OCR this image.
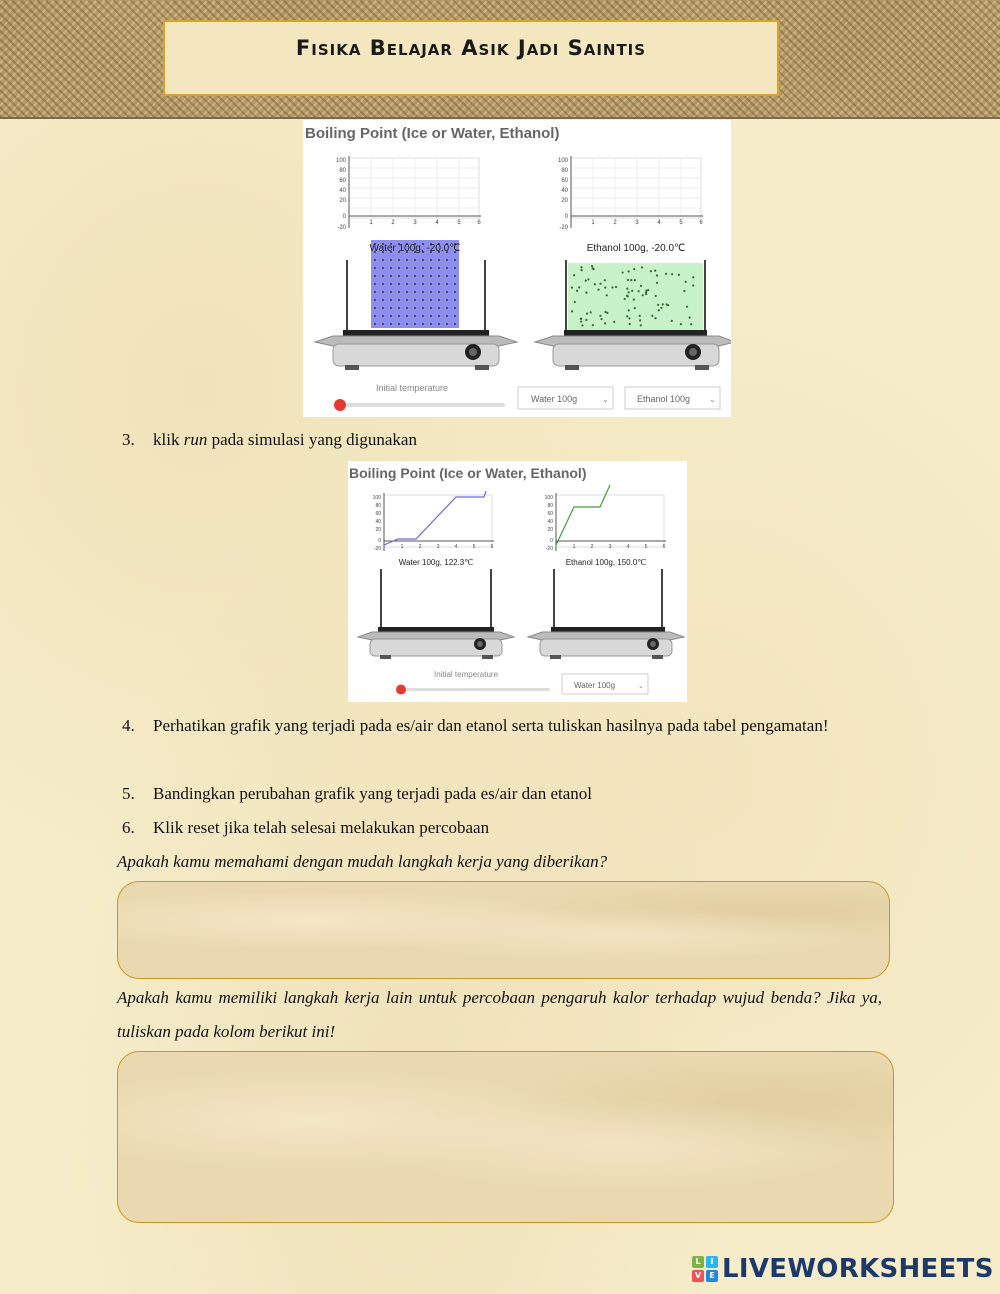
Fisika Belajar Asik Jadi Saintis
Boiling Point (Ice or Water, Ethanol)
100
80
60
40
20
0
-20
1	2	3	4	5	6
100
80
60
40
20
0
-20
1	2	3	4	5	6
Water 100g, -20.0℃	Ethanol 100g, -20.0℃
Initial temperature
Water 100g	⌄	Ethanol 100g ⌄
3. klik run pada simulasi yang digunakan
Boiling Point (Ice or Water, Ethanol)
100
80
60
40
20
0
-20	1	2	3	4	5	6
100
80
60
40
20
0
-20	1	2	3	4	5	6
Water 100g, 122.3℃	Ethanol 100g, 150.0℃
Initial temperature
Water 100g	⌄
4. Perhatikan grafik yang terjadi pada es/air dan etanol serta tuliskan hasilnya pada tabel pengamatan!
5. Bandingkan perubahan grafik yang terjadi pada es/air dan etanol
6. Klik reset jika telah selesai melakukan percobaan
Apakah kamu memahami dengan mudah langkah kerja yang diberikan?
Apakah kamu memiliki langkah kerja lain untuk percobaan pengaruh kalor terhadap wujud benda? Jika ya, tuliskan pada kolom berikut ini!
L	I
V	E LIVEWORKSHEETS
